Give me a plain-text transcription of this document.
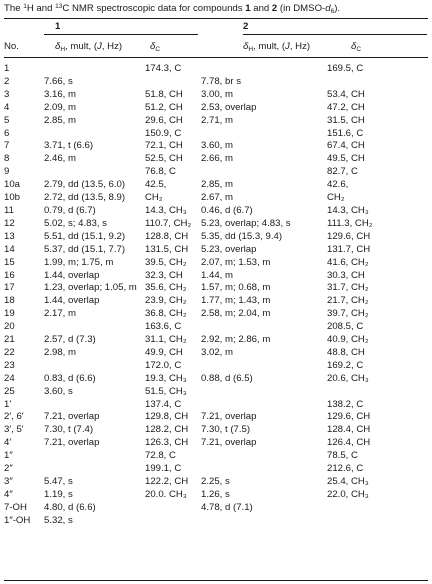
The $^1$H and $^{13}$C NMR spectroscopic data for compounds 1 and 2 (in DMSO-$d_6$).
1	2
No.	$\delta_H$, mult, (J, Hz)	$\delta_C$	$\delta_H$, mult, (J, Hz)	$\delta_C$
1		174.3, C		169.5, C
2	7.66, s		7.78, br s	
3	3.16, m	51.8, CH	3.00, m	53.4, CH
4	2.09, m	51.2, CH	2.53, overlap	47.2, CH
5	2.85, m	29.6, CH	2.71, m	31.5, CH
6		150.9, C		151.6, C
7	3.71, t (6.6)	72.1, CH	3.60, m	67.4, CH
8	2.46, m	52.5, CH	2.66, m	49.5, CH
9		76.8, C		82.7, C
10a	2.79, dd (13.5, 6.0)	42.5,	2.85, m	42.6,
10b	2.72, dd (13.5, 8.9)	CH₂	2.67, m	CH₂
11	0.79, d (6.7)	14.3, CH₃	0.46, d (6.7)	14.3, CH₃
12	5.02, s; 4.83, s	110.7, CH₂	5.23, overlap; 4.83, s	111.3, CH₂
13	5.51, dd (15.1, 9.2)	128.8, CH	5.35, dd (15.3, 9.4)	129.6, CH
14	5.37, dd (15.1, 7.7)	131.5, CH	5.23, overlap	131.7, CH
15	1.99, m; 1.75, m	39.5, CH₂	2.07, m; 1.53, m	41.6, CH₂
16	1.44, overlap	32.3, CH	1.44, m	30.3, CH
17	1.23, overlap; 1.05, m	35.6, CH₂	1.57, m; 0.68, m	31.7, CH₂
18	1.44, overlap	23.9, CH₂	1.77, m; 1.43, m	21.7, CH₂
19	2.17, m	36.8, CH₂	2.58, m; 2.04, m	39.7, CH₂
20		163.6, C		208.5, C
21	2.57, d (7.3)	31.1, CH₂	2.92, m; 2.86, m	40.9, CH₂
22	2.98, m	49.9, CH	3.02, m	48.8, CH
23		172.0, C		169.2, C
24	0.83, d (6.6)	19.3, CH₃	0.88, d (6.5)	20.6, CH₃
25	3.60, s	51.5, CH₃		
1′		137.4, C		138.2, C
2′, 6′	7.21, overlap	129.8, CH	7.21, overlap	129.6, CH
3′, 5′	7.30, t (7.4)	128.2, CH	7.30, t (7.5)	128.4, CH
4′	7.21, overlap	126.3, CH	7.21, overlap	126.4, CH
1″		72.8, C		78.5, C
2″		199.1, C		212.6, C
3″	5.47, s	122.2, CH	2.25, s	25.4, CH₃
4″	1.19, s	20.0. CH₃	1.26, s	22.0, CH₃
7-OH	4.80, d (6.6)		4.78, d (7.1)	
1″-OH	5.32, s			
